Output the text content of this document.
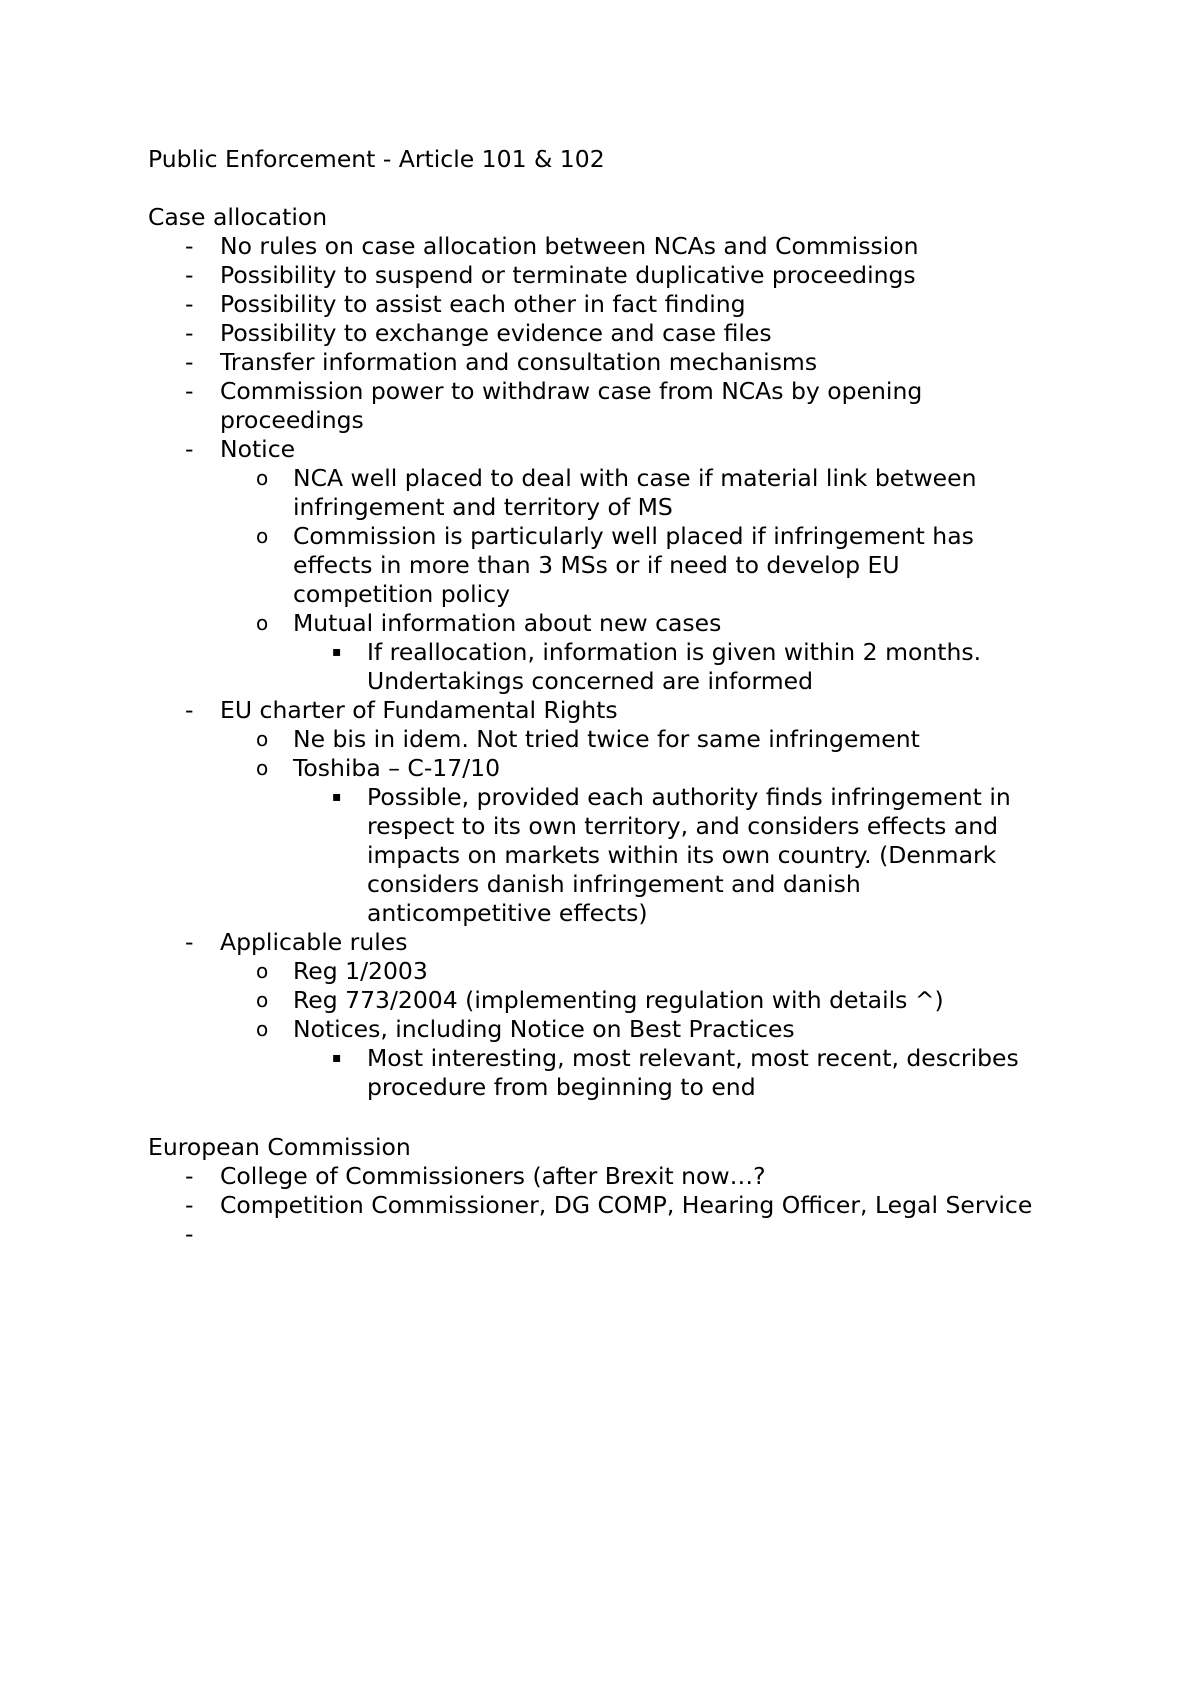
Public Enforcement - Article 101 & 102

Case allocation

- No rules on case allocation between NCAs and Commission
- Possibility to suspend or terminate duplicative proceedings
- Possibility to assist each other in fact finding
- Possibility to exchange evidence and case files
- Transfer information and consultation mechanisms
- Commission power to withdraw case from NCAs by opening proceedings
- Notice
o NCA well placed to deal with case if material link between infringement and territory of MS
o Commission is particularly well placed if infringement has effects in more than 3 MSs or if need to develop EU competition policy
o Mutual information about new cases
▪ If reallocation, information is given within 2 months. Undertakings concerned are informed
- EU charter of Fundamental Rights
o Ne bis in idem. Not tried twice for same infringement
o Toshiba – C-17/10
▪ Possible, provided each authority finds infringement in respect to its own territory, and considers effects and impacts on markets within its own country. (Denmark considers danish infringement and danish anticompetitive effects)
- Applicable rules
o Reg 1/2003
o Reg 773/2004 (implementing regulation with details ^)
o Notices, including Notice on Best Practices
▪ Most interesting, most relevant, most recent, describes procedure from beginning to end

European Commission

- College of Commissioners (after Brexit now…?
- Competition Commissioner, DG COMP, Hearing Officer, Legal Service
-
